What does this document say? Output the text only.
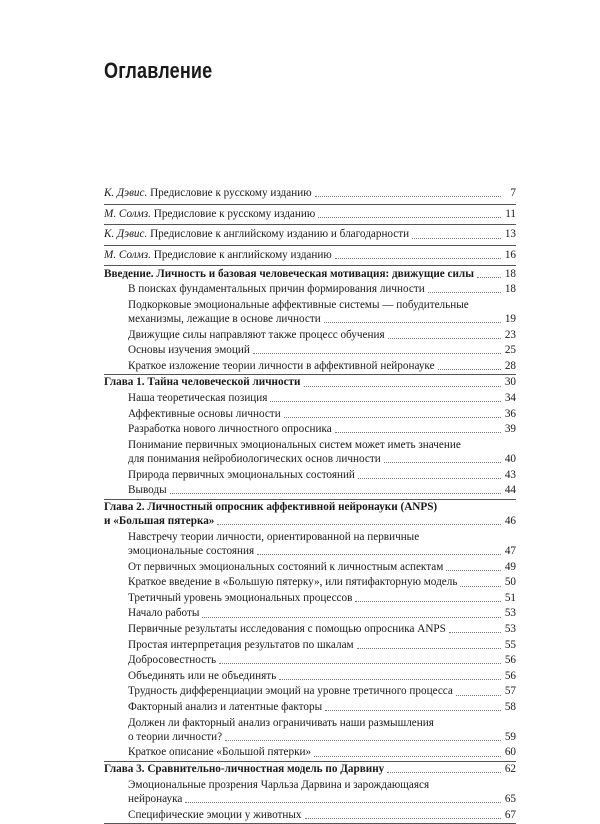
Оглавление
К. Дэвис. Предисловие к русскому изданию	7
М. Солмз. Предисловие к русскому изданию	11
К. Дэвис. Предисловие к английскому изданию и благодарности	13
М. Солмз. Предисловие к английскому изданию	16
Введение. Личность и базовая человеческая мотивация: движущие силы	18
В поисках фундаментальных причин формирования личности	18
Подкорковые эмоциональные аффективные системы — побудительные
механизмы, лежащие в основе личности	19
Движущие силы направляют также процесс обучения	23
Основы изучения эмоций	25
Краткое изложение теории личности в аффективной нейронауке	28
Глава 1. Тайна человеческой личности	30
Наша теоретическая позиция	34
Аффективные основы личности	36
Разработка нового личностного опросника	39
Понимание первичных эмоциональных систем может иметь значение
для понимания нейробиологических основ личности	40
Природа первичных эмоциональных состояний	43
Выводы	44
Глава 2. Личностный опросник аффективной нейронауки (ANPS)
и «Большая пятерка»	46
Навстречу теории личности, ориентированной на первичные
эмоциональные состояния	47
От первичных эмоциональных состояний к личностным аспектам	49
Краткое введение в «Большую пятерку», или пятифакторную модель	50
Третичный уровень эмоциональных процессов	51
Начало работы	53
Первичные результаты исследования с помощью опросника ANPS	53
Простая интерпретация результатов по шкалам	55
Добросовестность	56
Объединять или не объединять	56
Трудность дифференциации эмоций на уровне третичного процесса	57
Факторный анализ и латентные факторы	58
Должен ли факторный анализ ограничивать наши размышления
о теории личности?	59
Краткое описание «Большой пятерки»	60
Глава 3. Сравнительно-личностная модель по Дарвину	62
Эмоциональные прозрения Чарльза Дарвина и зарождающаяся
нейронаука	65
Специфические эмоции у животных	67
